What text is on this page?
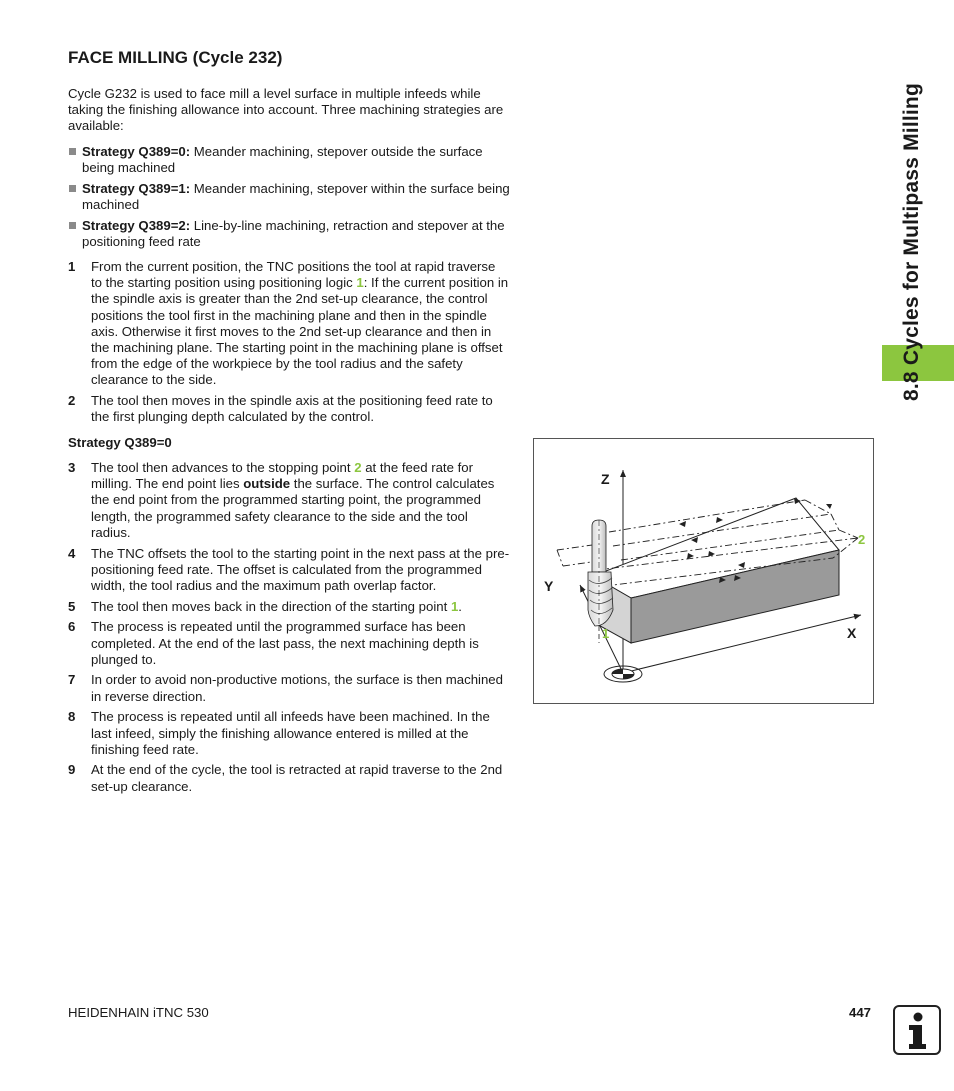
FACE MILLING (Cycle 232)

Cycle G232 is used to face mill a level surface in multiple infeeds while taking the finishing allowance into account. Three machining strategies are available:

Strategy Q389=0: Meander machining, stepover outside the surface being machined
Strategy Q389=1: Meander machining, stepover within the surface being machined
Strategy Q389=2: Line-by-line machining, retraction and stepover at the positioning feed rate
1 From the current position, the TNC positions the tool at rapid traverse to the starting position using positioning logic 1: If the current position in the spindle axis is greater than the 2nd set-up clearance, the control positions the tool first in the machining plane and then in the spindle axis. Otherwise it first moves to the 2nd set-up clearance and then in the machining plane. The starting point in the machining plane is offset from the edge of the workpiece by the tool radius and the safety clearance to the side.
2 The tool then moves in the spindle axis at the positioning feed rate to the first plunging depth calculated by the control.
Strategy Q389=0
3 The tool then advances to the stopping point 2 at the feed rate for milling. The end point lies outside the surface. The control calculates the end point from the programmed starting point, the programmed length, the programmed safety clearance to the side and the tool radius.
4 The TNC offsets the tool to the starting point in the next pass at the pre-positioning feed rate. The offset is calculated from the programmed width, the tool radius and the maximum path overlap factor.
5 The tool then moves back in the direction of the starting point 1.
6 The process is repeated until the programmed surface has been completed. At the end of the last pass, the next machining depth is plunged to.
7 In order to avoid non-productive motions, the surface is then machined in reverse direction.
8 The process is repeated until all infeeds have been machined. In the last infeed, simply the finishing allowance entered is milled at the finishing feed rate.
9 At the end of the cycle, the tool is retracted at rapid traverse to the 2nd set-up clearance.
Z
Y
X
1
2
8.8 Cycles for Multipass Milling
HEIDENHAIN iTNC 530	447
